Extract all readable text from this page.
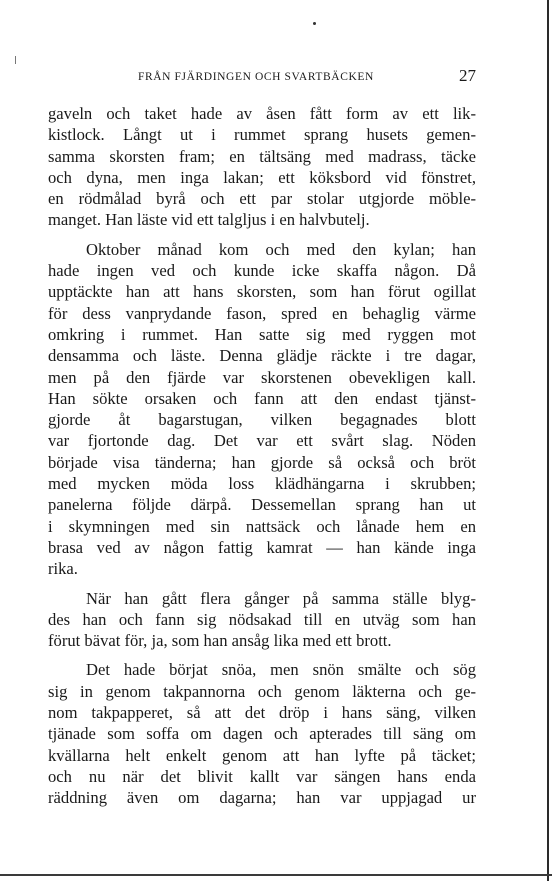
FRÅN FJÄRDINGEN OCH SVARTBÄCKEN	27

gaveln och taket hade av åsen fått form av ett lik-
kistlock. Långt ut i rummet sprang husets gemen-
samma skorsten fram; en tältsäng med madrass, täcke
och dyna, men inga lakan; ett köksbord vid fönstret,
en rödmålad byrå och ett par stolar utgjorde möble-
manget. Han läste vid ett talgljus i en halvbutelj.

Oktober månad kom och med den kylan; han
hade ingen ved och kunde icke skaffa någon. Då
upptäckte han att hans skorsten, som han förut ogillat
för dess vanprydande fason, spred en behaglig värme
omkring i rummet. Han satte sig med ryggen mot
densamma och läste. Denna glädje räckte i tre dagar,
men på den fjärde var skorstenen obevekligen kall.
Han sökte orsaken och fann att den endast tjänst-
gjorde åt bagarstugan, vilken begagnades blott
var fjortonde dag. Det var ett svårt slag. Nöden
började visa tänderna; han gjorde så också och bröt
med mycken möda loss klädhängarna i skrubben;
panelerna följde därpå. Dessemellan sprang han ut
i skymningen med sin nattsäck och lånade hem en
brasa ved av någon fattig kamrat — han kände inga
rika.

När han gått flera gånger på samma ställe blyg-
des han och fann sig nödsakad till en utväg som han
förut bävat för, ja, som han ansåg lika med ett brott.

Det hade börjat snöa, men snön smälte och sög
sig in genom takpannorna och genom läkterna och ge-
nom takpapperet, så att det dröp i hans säng, vilken
tjänade som soffa om dagen och apterades till säng om
kvällarna helt enkelt genom att han lyfte på täcket;
och nu när det blivit kallt var sängen hans enda
räddning även om dagarna; han var uppjagad ur
